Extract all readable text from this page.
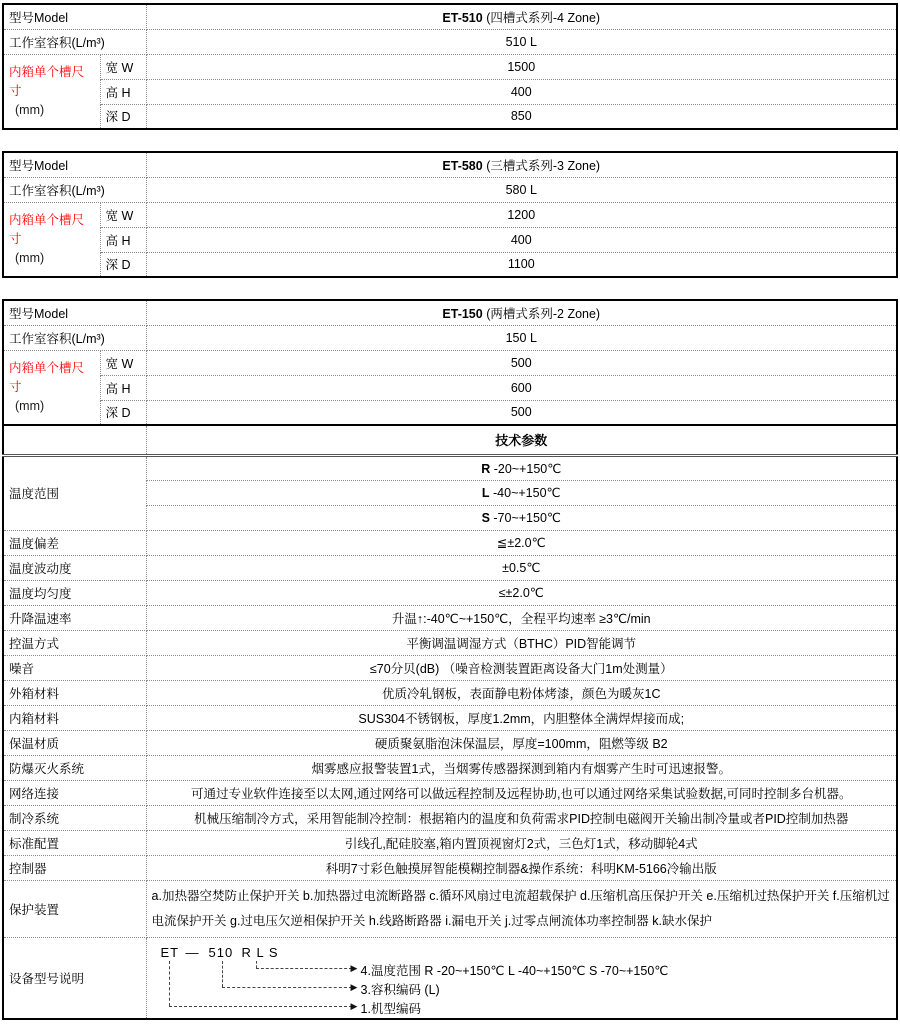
型号Model		ET-510 (四槽式系列-4 Zone)
工作室容积(L/m³)		510 L

内箱单个槽尺寸
(mm)	宽 W	1500
	高 H	400
	深 D	850
型号Model		ET-580 (三槽式系列-3 Zone)
工作室容积(L/m³)		580 L

内箱单个槽尺寸
(mm)	宽 W	1200
	高 H	400
	深 D	1100
型号Model		ET-150 (两槽式系列-2 Zone)
工作室容积(L/m³)		150 L

内箱单个槽尺寸
(mm)	宽 W	500
	高 H	600
	深 D	500
		技术参数
温度范围		R -20~+150℃
		L -40~+150℃
		S -70~+150℃
温度偏差		≦±2.0℃
温度波动度		±0.5℃
温度均匀度		≤±2.0℃
升降温速率		升温↑:-40℃~+150℃，全程平均速率 ≥3℃/min
控温方式		平衡调温调湿方式（BTHC）PID智能调节
噪音		≤70分贝(dB) （噪音检测装置距离设备大门1m处测量）
外箱材料		优质冷轧钢板，表面静电粉体烤漆，颜色为暖灰1C
内箱材料		SUS304不锈钢板，厚度1.2mm，内胆整体全满焊焊接而成;
保温材质		硬质聚氨脂泡沫保温层，厚度=100mm，阻燃等级 B2
防爆灭火系统		烟雾感应报警装置1式，当烟雾传感器探测到箱内有烟雾产生时可迅速报警。
网络连接		可通过专业软件连接至以太网,通过网络可以做远程控制及远程协助,也可以通过网络采集试验数据,可同时控制多台机器。
制冷系统		机械压缩制冷方式，采用智能制冷控制：根据箱内的温度和负荷需求PID控制电磁阀开关输出制冷量或者PID控制加热器
标准配置		引线孔,配硅胶塞,箱内置顶视窗灯2式，三色灯1式，移动脚轮4式
控制器		科明7寸彩色触摸屏智能模糊控制器&操作系统：科明KM-5166冷输出版
保护装置		a.加热器空焚防止保护开关 b.加热器过电流断路器 c.循环风扇过电流超载保护 d.压缩机高压保护开关 e.压缩机过热保护开关 f.压缩机过电流保护开关 g.过电压欠逆相保护开关 h.线路断路器 i.漏电开关 j.过零点闸流体功率控制器 k.缺水保护
设备型号说明	
ET — 510 R L S
▶
▶
▶
4.温度范围 R -20~+150℃ L -40~+150℃ S -70~+150℃
3.容积编码 (L)
1.机型编码
